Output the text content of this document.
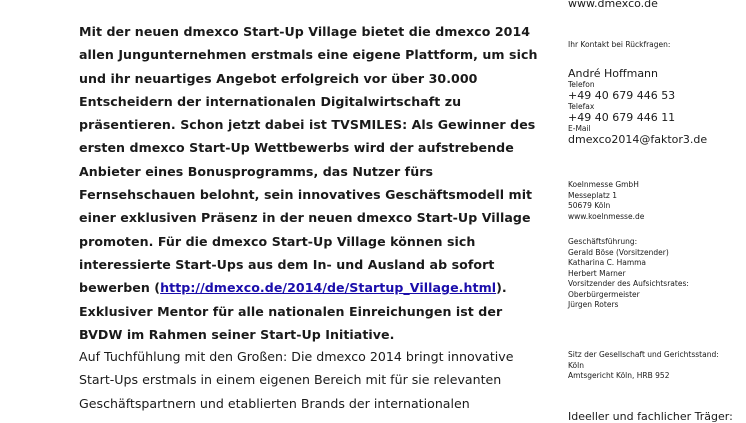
Mit der neuen dmexco Start-Up Village bietet die dmexco 2014 allen Jungunternehmen erstmals eine eigene Plattform, um sich und ihr neuartiges Angebot erfolgreich vor über 30.000 Entscheidern der internationalen Digitalwirtschaft zu präsentieren. Schon jetzt dabei ist TVSMILES: Als Gewinner des ersten dmexco Start-Up Wettbewerbs wird der aufstrebende Anbieter eines Bonusprogramms, das Nutzer fürs Fernsehschauen belohnt, sein innovatives Geschäftsmodell mit einer exklusiven Präsenz in der neuen dmexco Start-Up Village promoten. Für die dmexco Start-Up Village können sich interessierte Start-Ups aus dem In- und Ausland ab sofort bewerben (http://dmexco.de/2014/de/Startup_Village.html). Exklusiver Mentor für alle nationalen Einreichungen ist der BVDW im Rahmen seiner Start-Up Initiative.

Auf Tuchfühlung mit den Großen: Die dmexco 2014 bringt innovative Start-Ups erstmals in einem eigenen Bereich mit für sie relevanten Geschäftspartnern und etablierten Brands der internationalen

www.dmexco.de
Ihr Kontakt bei Rückfragen:
André Hoffmann
Telefon
+49 40 679 446 53
Telefax
+49 40 679 446 11
E-Mail
dmexco2014@faktor3.de
Koelnmesse GmbH
Messeplatz 1
50679 Köln
www.koelnmesse.de
Geschäftsführung:
Gerald Böse (Vorsitzender)
Katharina C. Hamma
Herbert Marner
Vorsitzender des Aufsichtsrates:
Oberbürgermeister
Jürgen Roters
Sitz der Gesellschaft und Gerichtsstand:
Köln
Amtsgericht Köln, HRB 952
Ideeller und fachlicher Träger:
